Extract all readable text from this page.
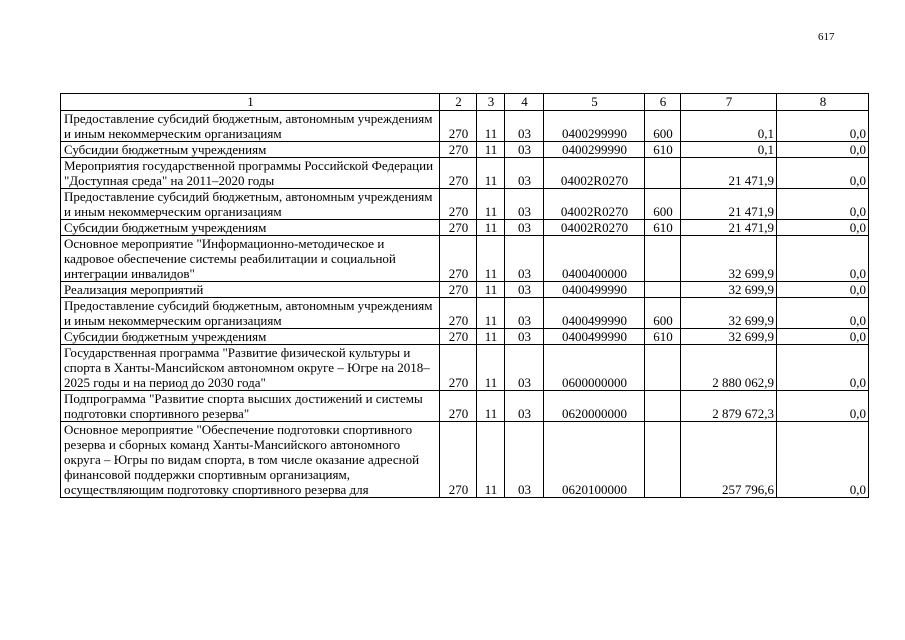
617
1	2	3	4	5	6	7	8
Предоставление субсидий бюджетным, автономным учреждениям и иным некоммерческим организациям	270	11	03	0400299990	600	0,1	0,0
Субсидии бюджетным учреждениям	270	11	03	0400299990	610	0,1	0,0
Мероприятия государственной программы Российской Федерации "Доступная среда" на 2011–2020 годы	270	11	03	04002R0270		21 471,9	0,0
Предоставление субсидий бюджетным, автономным учреждениям и иным некоммерческим организациям	270	11	03	04002R0270	600	21 471,9	0,0
Субсидии бюджетным учреждениям	270	11	03	04002R0270	610	21 471,9	0,0
Основное мероприятие "Информационно-методическое и кадровое обеспечение системы реабилитации и социальной интеграции инвалидов"	270	11	03	0400400000		32 699,9	0,0
Реализация мероприятий	270	11	03	0400499990		32 699,9	0,0
Предоставление субсидий бюджетным, автономным учреждениям и иным некоммерческим организациям	270	11	03	0400499990	600	32 699,9	0,0
Субсидии бюджетным учреждениям	270	11	03	0400499990	610	32 699,9	0,0
Государственная программа "Развитие физической культуры и спорта в Ханты-Мансийском автономном округе – Югре на 2018–2025 годы и на период до 2030 года"	270	11	03	0600000000		2 880 062,9	0,0
Подпрограмма "Развитие спорта высших достижений и системы подготовки спортивного резерва"	270	11	03	0620000000		2 879 672,3	0,0
Основное мероприятие "Обеспечение подготовки спортивного резерва и сборных команд Ханты-Мансийского автономного округа – Югры по видам спорта, в том числе оказание адресной финансовой поддержки спортивным организациям, осуществляющим подготовку спортивного резерва для	270	11	03	0620100000		257 796,6	0,0
